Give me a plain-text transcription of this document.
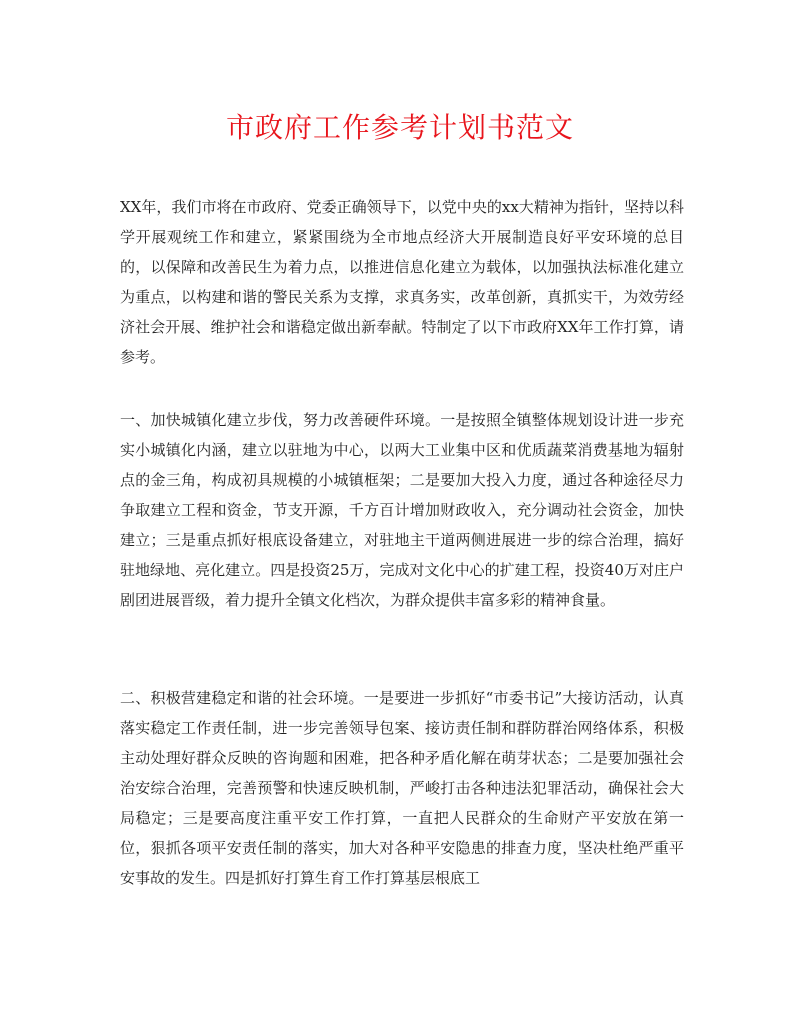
市政府工作参考计划书范文

XX年，我们市将在市政府、党委正确领导下，以党中央的xx大精神为指针，坚持以科学开展观统工作和建立，紧紧围绕为全市地点经济大开展制造良好平安环境的总目的，以保障和改善民生为着力点，以推进信息化建立为载体，以加强执法标准化建立为重点，以构建和谐的警民关系为支撑，求真务实，改革创新，真抓实干，为效劳经济社会开展、维护社会和谐稳定做出新奉献。特制定了以下市政府XX年工作打算，请参考。

一、加快城镇化建立步伐，努力改善硬件环境。一是按照全镇整体规划设计进一步充实小城镇化内涵，建立以驻地为中心，以两大工业集中区和优质蔬菜消费基地为辐射点的金三角，构成初具规模的小城镇框架；二是要加大投入力度，通过各种途径尽力争取建立工程和资金，节支开源，千方百计增加财政收入，充分调动社会资金，加快建立；三是重点抓好根底设备建立，对驻地主干道两侧进展进一步的综合治理，搞好驻地绿地、亮化建立。四是投资25万，完成对文化中心的扩建工程，投资40万对庄户剧团进展晋级，着力提升全镇文化档次，为群众提供丰富多彩的精神食量。

二、积极营建稳定和谐的社会环境。一是要进一步抓好“市委书记”大接访活动，认真落实稳定工作责任制，进一步完善领导包案、接访责任制和群防群治网络体系，积极主动处理好群众反映的咨询题和困难，把各种矛盾化解在萌芽状态；二是要加强社会治安综合治理，完善预警和快速反映机制，严峻打击各种违法犯罪活动，确保社会大局稳定；三是要高度注重平安工作打算，一直把人民群众的生命财产平安放在第一位，狠抓各项平安责任制的落实，加大对各种平安隐患的排查力度，坚决杜绝严重平安事故的发生。四是抓好打算生育工作打算基层根底工
